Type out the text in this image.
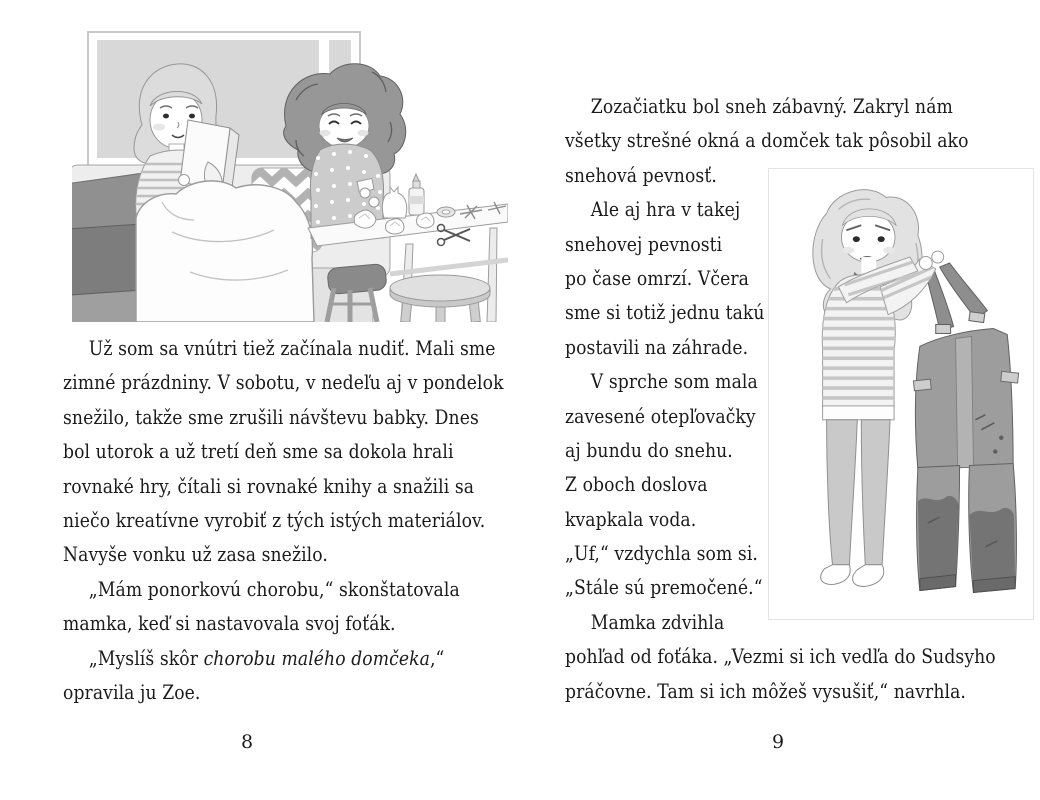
Už som sa vnútri tiež začínala nudiť. Mali sme
zimné prázdniny. V sobotu, v nedeľu aj v pondelok
snežilo, takže sme zrušili návštevu babky. Dnes
bol utorok a už tretí deň sme sa dokola hrali
rovnaké hry, čítali si rovnaké knihy a snažili sa
niečo kreatívne vyrobiť z tých istých materiálov.
Navyše vonku už zasa snežilo.
„Mám ponorkovú chorobu,“ skonštatovala
mamka, keď si nastavovala svoj foťák.
„Myslíš skôr chorobu malého domčeka,“
opravila ju Zoe.
Zozačiatku bol sneh zábavný. Zakryl nám
všetky strešné okná a domček tak pôsobil ako
snehová pevnosť.
Ale aj hra v takej
snehovej pevnosti
po čase omrzí. Včera
sme si totiž jednu takú
postavili na záhrade.
V sprche som mala
zavesené otepľovačky
aj bundu do snehu.
Z oboch doslova
kvapkala voda.
„Uf,“ vzdychla som si.
„Stále sú premočené.“
Mamka zdvihla
pohľad od foťáka. „Vezmi si ich vedľa do Sudsyho
práčovne. Tam si ich môžeš vysušiť,“ navrhla.
8	9
